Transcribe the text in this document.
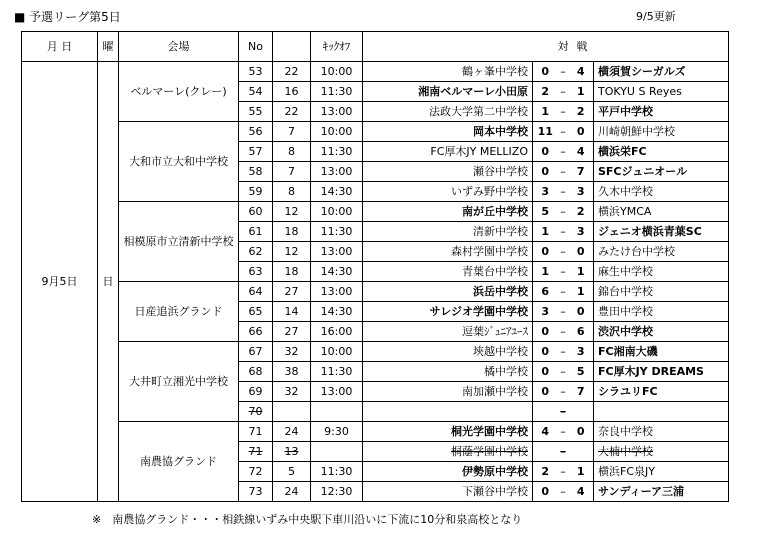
■ 予選リーグ第5日	9/5更新
月 日	曜	会場	No		ｷｯｸｵﾌ	対			戦	
9月5日	日	ベルマーレ(クレー)	53	22	10:00	鶴ヶ峯中学校	0	–	4	横須賀シーガルズ
			54	16	11:30	湘南ベルマーレ小田原	2	–	1	TOKYU S Reyes
			55	22	13:00	法政大学第二中学校	1	–	2	平戸中学校
		大和市立大和中学校	56	7	10:00	岡本中学校	11	–	0	川崎朝鮮中学校
			57	8	11:30	FC厚木JY MELLIZO	0	–	4	横浜栄FC
			58	7	13:00	瀬谷中学校	0	–	7	SFCジュニオール
			59	8	14:30	いずみ野中学校	3	–	3	久木中学校
		相模原市立清新中学校	60	12	10:00	南が丘中学校	5	–	2	横浜YMCA
			61	18	11:30	清新中学校	1	–	3	ジェニオ横浜青葉SC
			62	12	13:00	森村学園中学校	0	–	0	みたけ台中学校
			63	18	14:30	青葉台中学校	1	–	1	麻生中学校
		日産追浜グランド	64	27	13:00	浜岳中学校	6	–	1	錦台中学校
			65	14	14:30	サレジオ学園中学校	3	–	0	豊田中学校
			66	27	16:00	逗葉ｼﾞｭﾆｱﾕｰｽ	0	–	6	渋沢中学校
		大井町立湘光中学校	67	32	10:00	埉越中学校	0	–	3	FC湘南大磯
			68	38	11:30	橘中学校	0	–	5	FC厚木JY DREAMS
			69	32	13:00	南加瀬中学校	0	–	7	シラユリFC
			70					–		
		南農協グランド	71	24	9:30	桐光学園中学校	4	–	0	奈良中学校
			71	13		桐蔭学園中学校		–		大楠中学校
			72	5	11:30	伊勢原中学校	2	–	1	横浜FC泉JY
			73	24	12:30	下瀬谷中学校	0	–	4	サンディーア三浦
※　南農協グランド・・・相鉄線いずみ中央駅下車川沿いに下流に10分和泉高校となり
